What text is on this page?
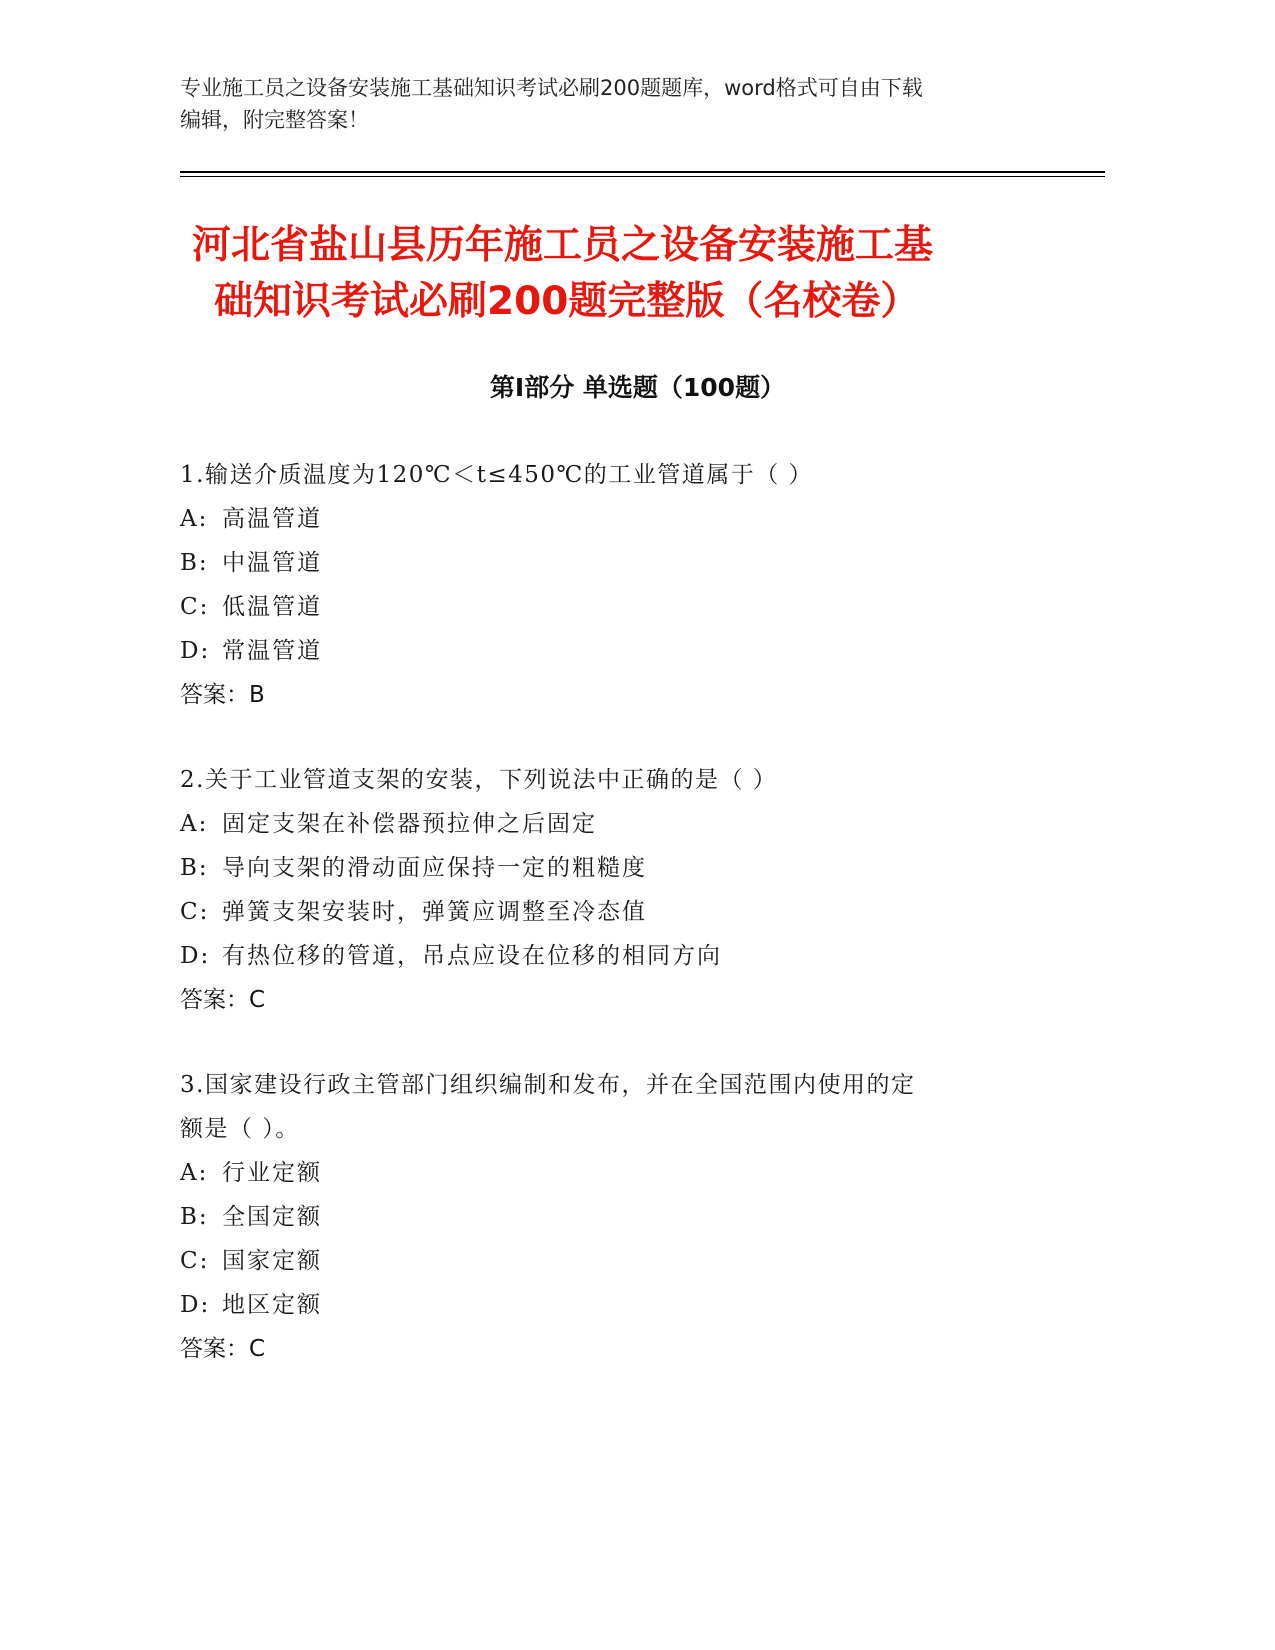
专业施工员之设备安装施工基础知识考试必刷200题题库，word格式可自由下载

编辑，附完整答案！

河北省盐山县历年施工员之设备安装施工基
础知识考试必刷200题完整版（名校卷）
第Ⅰ部分 单选题（100题）

1.输送介质温度为120℃＜t≤450℃的工业管道属于（ ）

A: 高温管道
B: 中温管道
C: 低温管道
D: 常温管道
答案：B

2.关于工业管道支架的安装，下列说法中正确的是（ ）

A: 固定支架在补偿器预拉伸之后固定
B: 导向支架的滑动面应保持一定的粗糙度
C: 弹簧支架安装时，弹簧应调整至冷态值
D: 有热位移的管道，吊点应设在位移的相同方向
答案：C

3.国家建设行政主管部门组织编制和发布，并在全国范围内使用的定
额是（ ）。

A: 行业定额
B: 全国定额
C: 国家定额
D: 地区定额
答案：C
